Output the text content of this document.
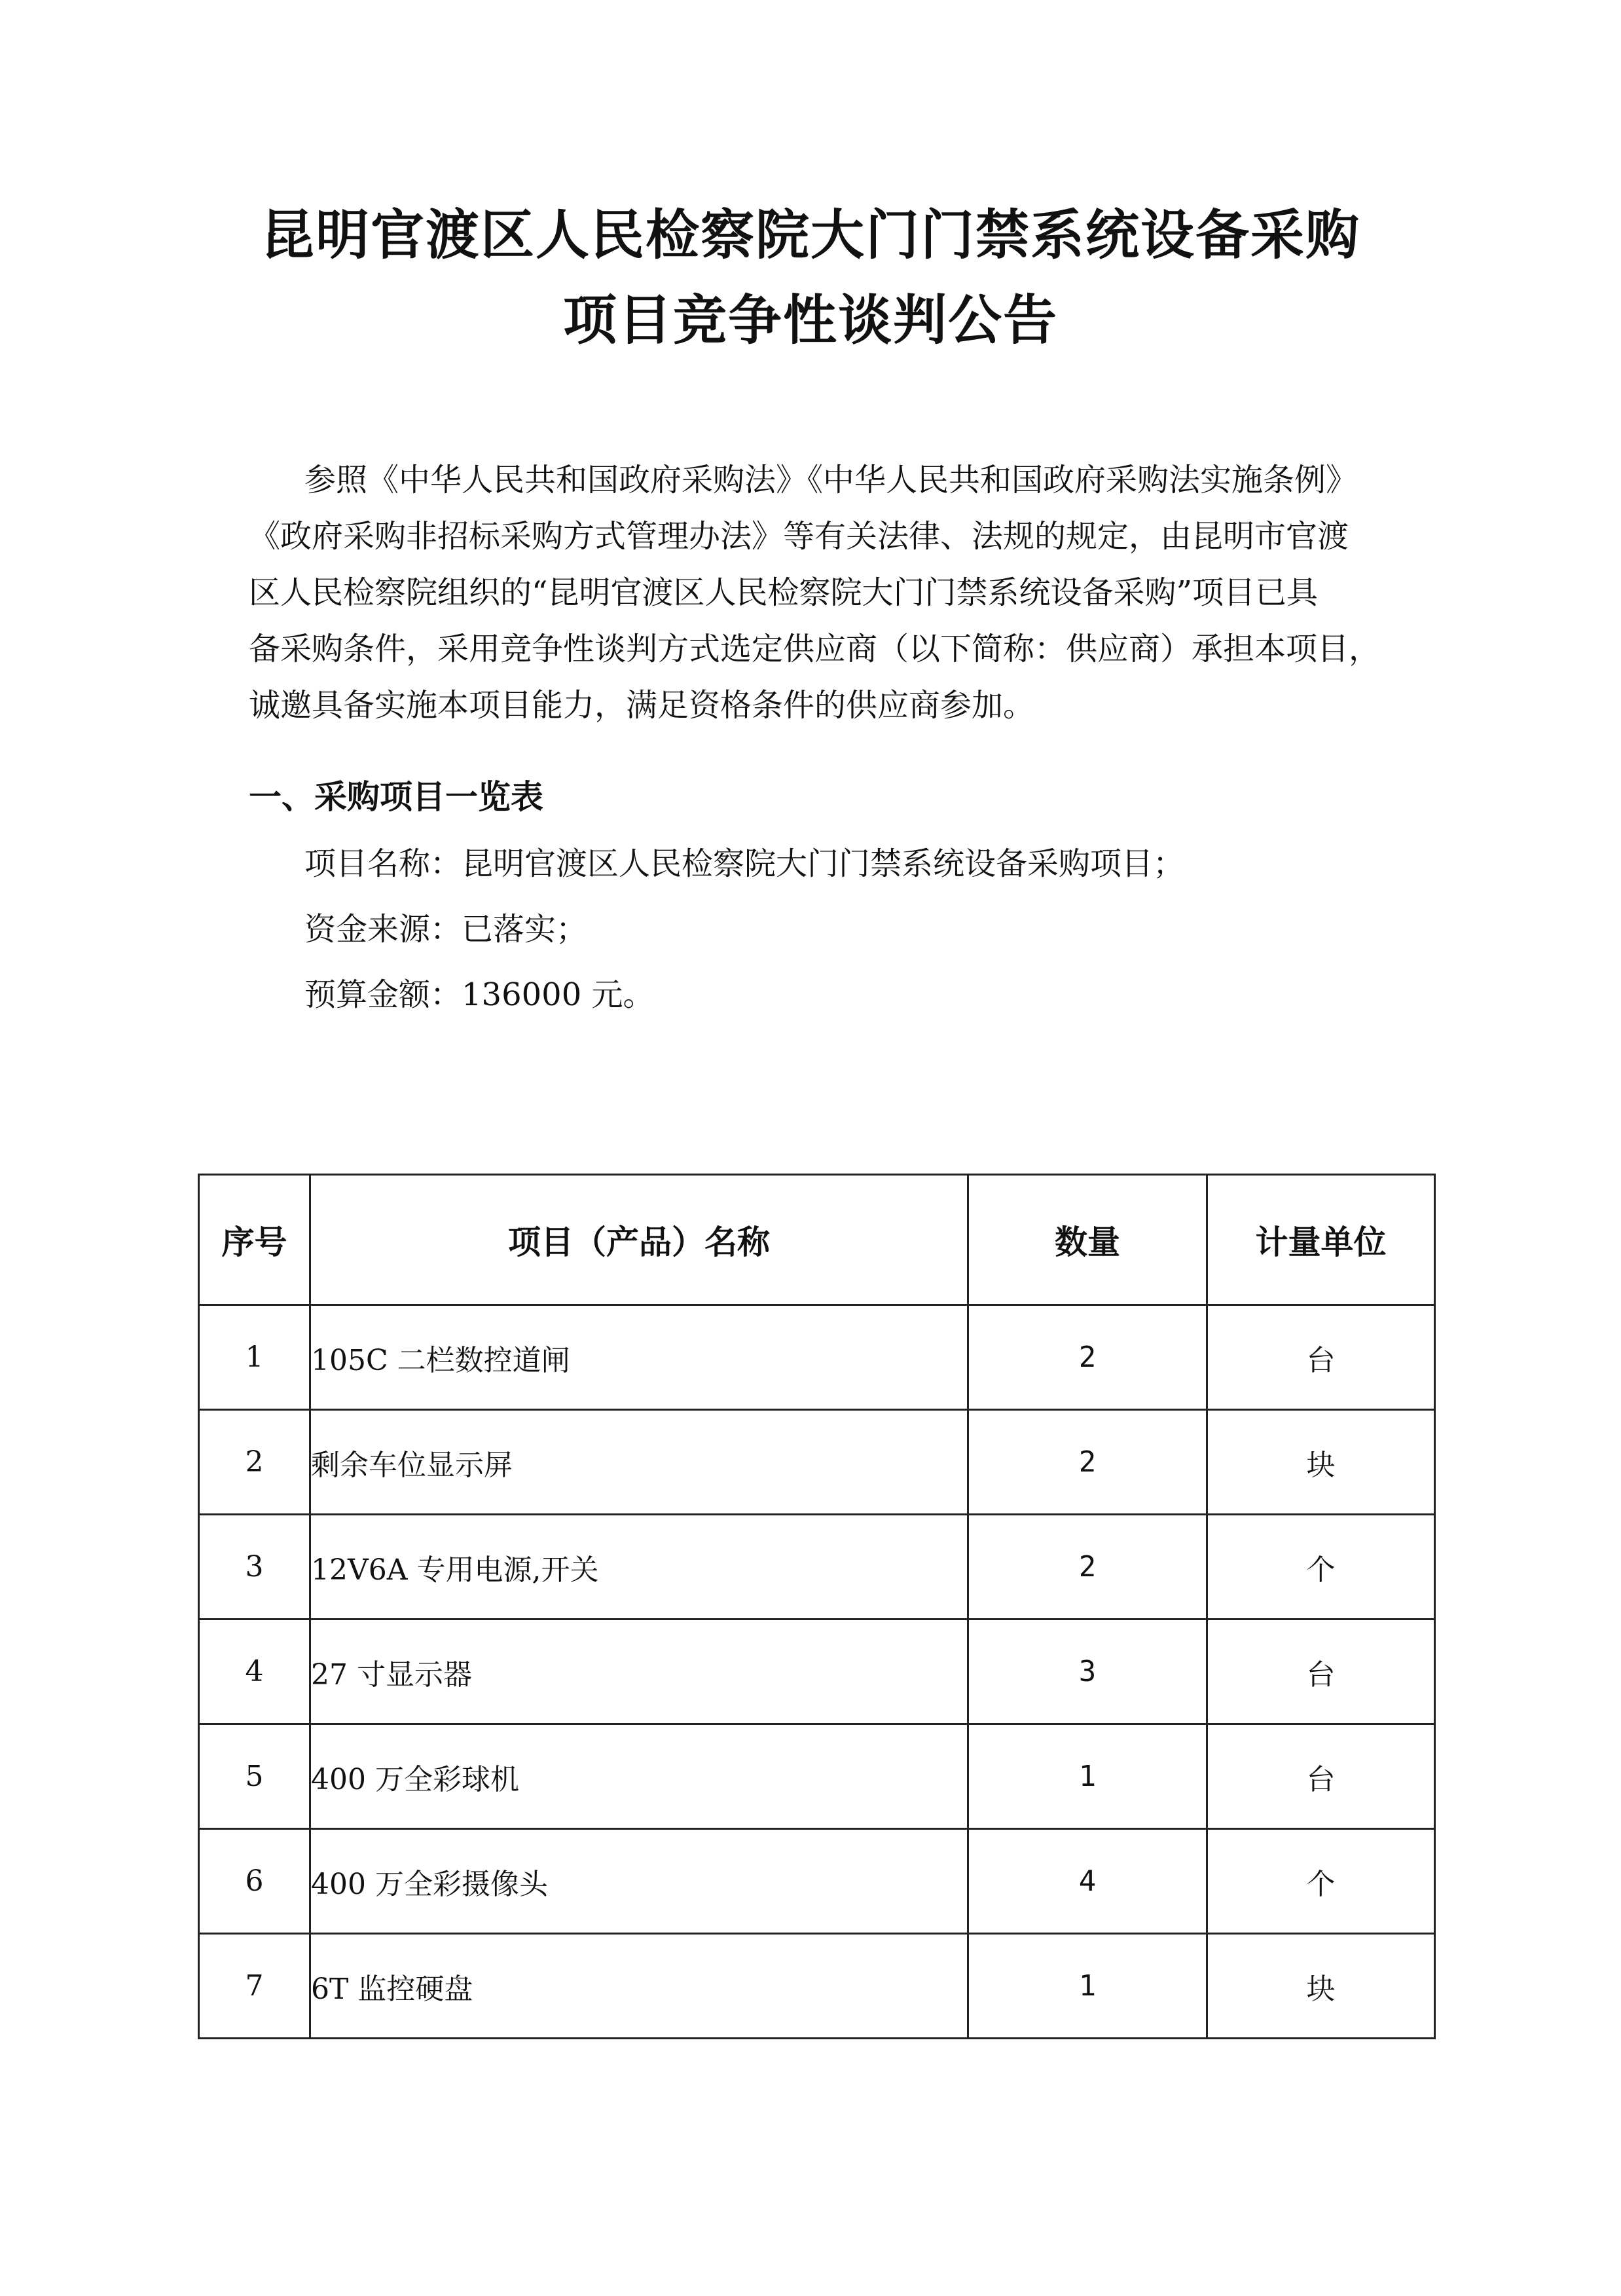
昆明官渡区人民检察院大门门禁系统设备采购
项目竞争性谈判公告
参照《中华人民共和国政府采购法》《中华人民共和国政府采购法实施条例》
《政府采购非招标采购方式管理办法》等有关法律、法规的规定，由昆明市官渡
区人民检察院组织的“昆明官渡区人民检察院大门门禁系统设备采购”项目已具
备采购条件，采用竞争性谈判方式选定供应商（以下简称：供应商）承担本项目，
诚邀具备实施本项目能力，满足资格条件的供应商参加。
一、采购项目一览表
项目名称：昆明官渡区人民检察院大门门禁系统设备采购项目；
资金来源：已落实；
预算金额：136000 元。
序号	项目（产品）名称	数量	计量单位
1	105C 二栏数控道闸	2	台
2	剩余车位显示屏	2	块
3	12V6A 专用电源,开关	2	个
4	27 寸显示器	3	台
5	400 万全彩球机	1	台
6	400 万全彩摄像头	4	个
7	6T 监控硬盘	1	块
